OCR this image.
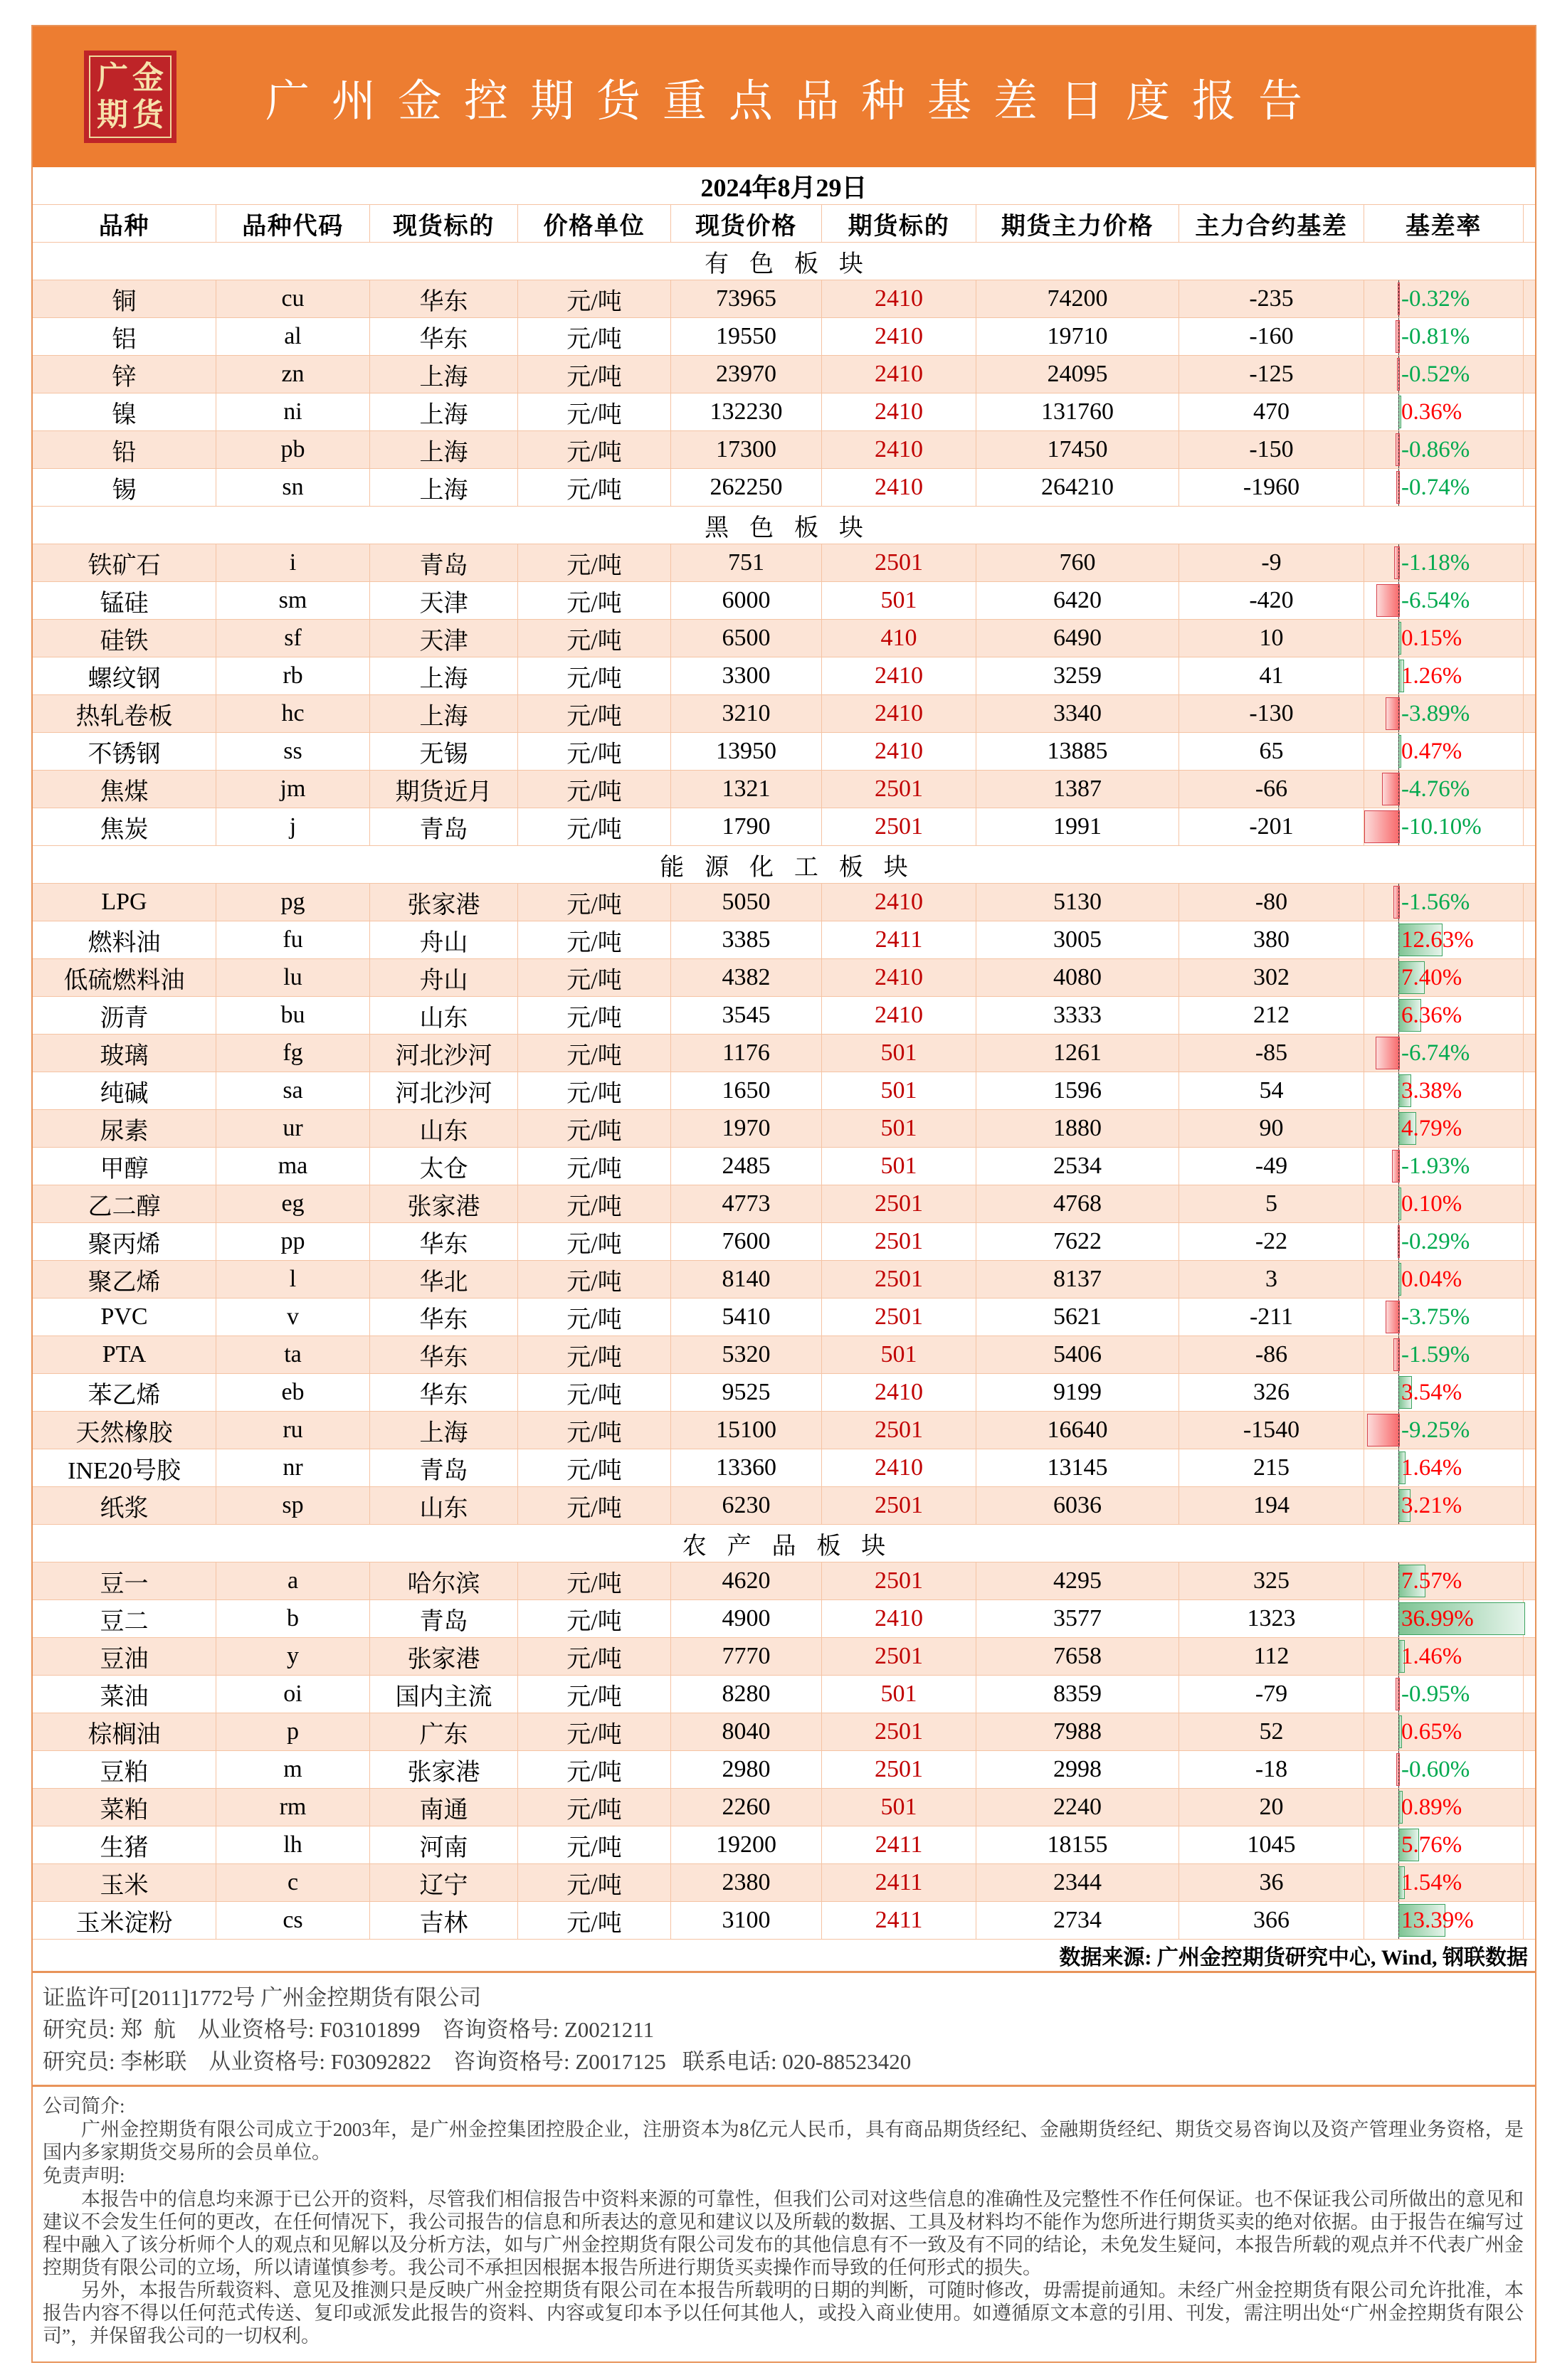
广金
期货	广州金控期货重点品种基差日度报告
2024年8月29日
品种	品种代码	现货标的	价格单位	现货价格	期货标的	期货主力价格	主力合约基差	基差率
有色板块
铜	cu	华东	元/吨	73965	2410	74200	-235	-0.32%
铝	al	华东	元/吨	19550	2410	19710	-160	-0.81%
锌	zn	上海	元/吨	23970	2410	24095	-125	-0.52%
镍	ni	上海	元/吨	132230	2410	131760	470	0.36%
铅	pb	上海	元/吨	17300	2410	17450	-150	-0.86%
锡	sn	上海	元/吨	262250	2410	264210	-1960	-0.74%
黑色板块
铁矿石	i	青岛	元/吨	751	2501	760	-9	-1.18%
锰硅	sm	天津	元/吨	6000	501	6420	-420	-6.54%
硅铁	sf	天津	元/吨	6500	410	6490	10	0.15%
螺纹钢	rb	上海	元/吨	3300	2410	3259	41	1.26%
热轧卷板	hc	上海	元/吨	3210	2410	3340	-130	-3.89%
不锈钢	ss	无锡	元/吨	13950	2410	13885	65	0.47%
焦煤	jm	期货近月	元/吨	1321	2501	1387	-66	-4.76%
焦炭	j	青岛	元/吨	1790	2501	1991	-201	-10.10%
能源化工板块
LPG	pg	张家港	元/吨	5050	2410	5130	-80	-1.56%
燃料油	fu	舟山	元/吨	3385	2411	3005	380	12.63%
低硫燃料油	lu	舟山	元/吨	4382	2410	4080	302	7.40%
沥青	bu	山东	元/吨	3545	2410	3333	212	6.36%
玻璃	fg	河北沙河	元/吨	1176	501	1261	-85	-6.74%
纯碱	sa	河北沙河	元/吨	1650	501	1596	54	3.38%
尿素	ur	山东	元/吨	1970	501	1880	90	4.79%
甲醇	ma	太仓	元/吨	2485	501	2534	-49	-1.93%
乙二醇	eg	张家港	元/吨	4773	2501	4768	5	0.10%
聚丙烯	pp	华东	元/吨	7600	2501	7622	-22	-0.29%
聚乙烯	l	华北	元/吨	8140	2501	8137	3	0.04%
PVC	v	华东	元/吨	5410	2501	5621	-211	-3.75%
PTA	ta	华东	元/吨	5320	501	5406	-86	-1.59%
苯乙烯	eb	华东	元/吨	9525	2410	9199	326	3.54%
天然橡胶	ru	上海	元/吨	15100	2501	16640	-1540	-9.25%
INE20号胶	nr	青岛	元/吨	13360	2410	13145	215	1.64%
纸浆	sp	山东	元/吨	6230	2501	6036	194	3.21%
农产品板块
豆一	a	哈尔滨	元/吨	4620	2501	4295	325	7.57%
豆二	b	青岛	元/吨	4900	2410	3577	1323	36.99%
豆油	y	张家港	元/吨	7770	2501	7658	112	1.46%
菜油	oi	国内主流	元/吨	8280	501	8359	-79	-0.95%
棕榈油	p	广东	元/吨	8040	2501	7988	52	0.65%
豆粕	m	张家港	元/吨	2980	2501	2998	-18	-0.60%
菜粕	rm	南通	元/吨	2260	501	2240	20	0.89%
生猪	lh	河南	元/吨	19200	2411	18155	1045	5.76%
玉米	c	辽宁	元/吨	2380	2411	2344	36	1.54%
玉米淀粉	cs	吉林	元/吨	3100	2411	2734	366	13.39%
数据来源: 广州金控期货研究中心, Wind, 钢联数据
证监许可[2011]1772号 广州金控期货有限公司
研究员: 郑  航    从业资格号: F03101899    咨询资格号: Z0021211
研究员: 李彬联    从业资格号: F03092822    咨询资格号: Z0017125   联系电话: 020-88523420
公司简介:

广州金控期货有限公司成立于2003年，是广州金控集团控股企业，注册资本为8亿元人民币，具有商品期货经纪、金融期货经纪、期货交易咨询以及资产管理业务资格，是国内多家期货交易所的会员单位。

免责声明:

本报告中的信息均来源于已公开的资料，尽管我们相信报告中资料来源的可靠性，但我们公司对这些信息的准确性及完整性不作任何保证。也不保证我公司所做出的意见和建议不会发生任何的更改，在任何情况下，我公司报告的信息和所表达的意见和建议以及所载的数据、工具及材料均不能作为您所进行期货买卖的绝对依据。由于报告在编写过程中融入了该分析师个人的观点和见解以及分析方法，如与广州金控期货有限公司发布的其他信息有不一致及有不同的结论，未免发生疑问，本报告所载的观点并不代表广州金控期货有限公司的立场，所以请谨慎参考。我公司不承担因根据本报告所进行期货买卖操作而导致的任何形式的损失。

另外，本报告所载资料、意见及推测只是反映广州金控期货有限公司在本报告所载明的日期的判断，可随时修改，毋需提前通知。未经广州金控期货有限公司允许批准，本报告内容不得以任何范式传送、复印或派发此报告的资料、内容或复印本予以任何其他人，或投入商业使用。如遵循原文本意的引用、刊发，需注明出处“广州金控期货有限公司”，并保留我公司的一切权利。
